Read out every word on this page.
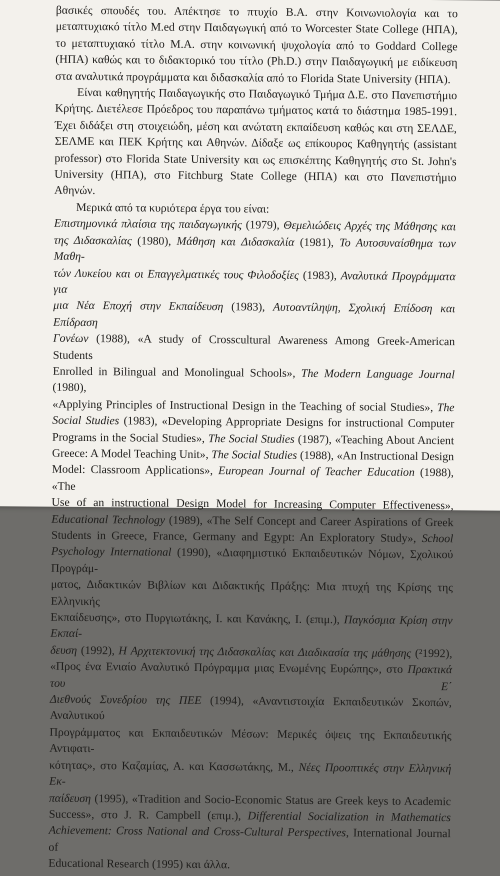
βασικές σπουδές του. Απέκτησε το πτυχίο Β.Α. στην Κοινωνιολογία και το μεταπτυχιακό τίτλο M.ed στην Παιδαγωγική από το Worcester State College (ΗΠΑ), το μεταπτυχιακό τίτλο M.A. στην κοινωνική ψυχολογία από το Goddard College (ΗΠΑ) καθώς και το διδακτορικό του τίτλο (Ph.D.) στην Παιδαγωγική με ειδίκευση στα αναλυτικά προγράμματα και διδασκαλία από το Florida State University (ΗΠΑ).

Είναι καθηγητής Παιδαγωγικής στο Παιδαγωγικό Τμήμα Δ.Ε. στο Πανεπιστήμιο Κρήτης. Διετέλεσε Πρόεδρος του παραπάνω τμήματος κατά το διάστημα 1985-1991. Έχει διδάξει στη στοιχειώδη, μέση και ανώτατη εκπαίδευση καθώς και στη ΣΕΛΔΕ, ΣΕΛΜΕ και ΠΕΚ Κρήτης και Αθηνών. Δίδαξε ως επίκουρος Καθηγητής (assistant professor) στο Florida State University και ως επισκέπτης Καθηγητής στο St. John's University (ΗΠΑ), στο Fitchburg State College (ΗΠΑ) και στο Πανεπιστήμιο Αθηνών.

Μερικά από τα κυριότερα έργα του είναι:

Επιστημονικά πλαίσια της παιδαγωγικής (1979), Θεμελιώδεις Αρχές της Μάθησης και
της Διδασκαλίας (1980), Μάθηση και Διδασκαλία (1981), Το Αυτοσυναίσθημα των Μαθη-
τών Λυκείου και οι Επαγγελματικές τους Φιλοδοξίες (1983), Αναλυτικά Προγράμματα για
μια Νέα Εποχή στην Εκπαίδευση (1983), Αυτοαντίληψη, Σχολική Επίδοση και Επίδραση
Γονέων (1988), «A study of Crosscultural Awareness Among Greek-American Students
Enrolled in Bilingual and Monolingual Schools», The Modern Language Journal (1980),
«Applying Principles of Instructional Design in the Teaching of social Studies», The
Social Studies (1983), «Developing Appropriate Designs for instructional Computer
Programs in the Social Studies», The Social Studies (1987), «Teaching About Ancient
Greece: A Model Teaching Unit», The Social Studies (1988), «An Instructional Design
Model: Classroom Applications», European Journal of Teacher Education (1988), «The
Use of an instructional Design Model for Increasing Computer Effectiveness»,
Educational Technology (1989), «The Self Concept and Career Aspirations of Greek
Students in Greece, France, Germany and Egypt: An Exploratory Study», School
Psychology International (1990), «Διαφημιστικό Εκπαιδευτικών Νόμων, Σχολικού Προγράμ-
ματος, Διδακτικών Βιβλίων και Διδακτικής Πράξης: Μια πτυχή της Κρίσης της Ελληνικής
Εκπαίδευσης», στο Πυργιωτάκης, Ι. και Κανάκης, Ι. (επιμ.), Παγκόσμια Κρίση στην Εκπαί-
δευση (1992), Η Αρχιτεκτονική της Διδασκαλίας και Διαδικασία της μάθησης (²1992),
«Προς ένα Ενιαίο Αναλυτικό Πρόγραμμα μιας Ενωμένης Ευρώπης», στο Πρακτικά του Ε΄
Διεθνούς Συνεδρίου της ΠΕΕ (1994), «Αναντιστοιχία Εκπαιδευτικών Σκοπών, Αναλυτικού
Προγράμματος και Εκπαιδευτικών Μέσων: Μερικές όψεις της Εκπαιδευτικής Αντιφατι-
κότητας», στο Καζαμίας, Α. και Κασσωτάκης, Μ., Νέες Προοπτικές στην Ελληνική Εκ-
παίδευση (1995), «Tradition and Socio-Economic Status are Greek keys to Academic
Success», στο J. R. Campbell (επιμ.), Differential Socialization in Mathematics
Achievement: Cross National and Cross-Cultural Perspectives, International Journal of
Educational Research (1995) και άλλα.
